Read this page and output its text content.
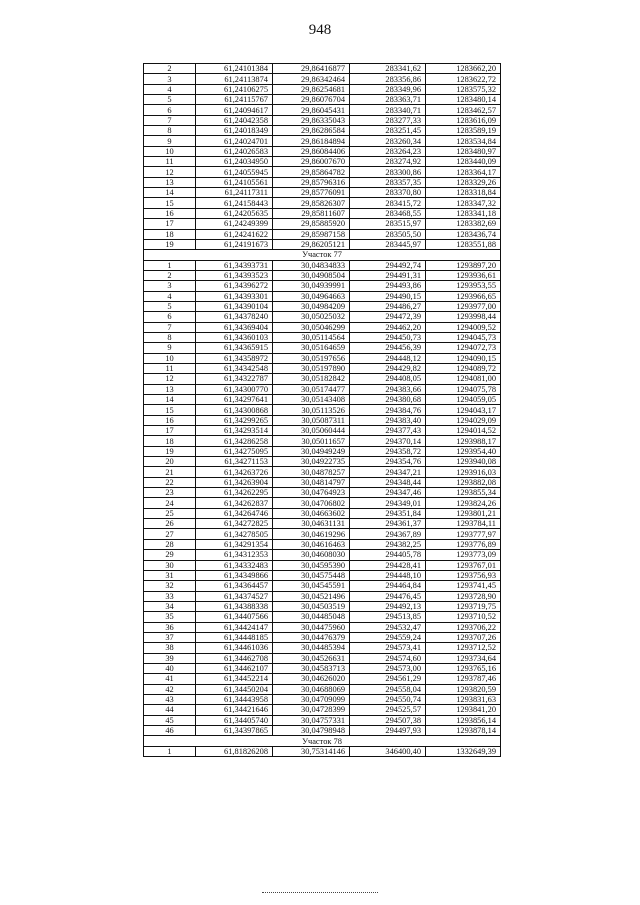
948
2	61,24101384	29,86416877	283341,62	1283662,20
3	61,24113874	29,86342464	283356,86	1283622,72
4	61,24106275	29,86254681	283349,96	1283575,32
5	61,24115767	29,86076704	283363,71	1283480,14
6	61,24094617	29,86045431	283340,71	1283462,57
7	61,24042358	29,86335043	283277,33	1283616,09
8	61,24018349	29,86286584	283251,45	1283589,19
9	61,24024701	29,86184894	283260,34	1283534,84
10	61,24026583	29,86084406	283264,23	1283480,97
11	61,24034950	29,86007670	283274,92	1283440,09
12	61,24055945	29,85864782	283300,86	1283364,17
13	61,24105561	29,85796316	283357,35	1283329,26
14	61,24117311	29,85776091	283370,80	1283318,84
15	61,24158443	29,85826307	283415,72	1283347,32
16	61,24205635	29,85811607	283468,55	1283341,18
17	61,24249399	29,85885920	283515,97	1283382,69
18	61,24241622	29,85987158	283505,50	1283436,74
19	61,24191673	29,86205121	283445,97	1283551,88
Участок 77				
1	61,34393731	30,04834833	294492,74	1293897,20
2	61,34393523	30,04908504	294491,31	1293936,61
3	61,34396272	30,04939991	294493,86	1293953,55
4	61,34393301	30,04964663	294490,15	1293966,65
5	61,34390104	30,04984209	294486,27	1293977,00
6	61,34378240	30,05025032	294472,39	1293998,44
7	61,34369404	30,05046299	294462,20	1294009,52
8	61,34360103	30,05114564	294450,73	1294045,73
9	61,34365915	30,05164659	294456,39	1294072,73
10	61,34358972	30,05197656	294448,12	1294090,15
11	61,34342548	30,05197890	294429,82	1294089,72
12	61,34322787	30,05182842	294408,05	1294081,00
13	61,34300770	30,05174477	294383,66	1294075,78
14	61,34297641	30,05143408	294380,68	1294059,05
15	61,34300868	30,05113526	294384,76	1294043,17
16	61,34299265	30,05087311	294383,40	1294029,09
17	61,34293514	30,05060444	294377,43	1294014,52
18	61,34286258	30,05011657	294370,14	1293988,17
19	61,34275095	30,04949249	294358,72	1293954,40
20	61,34271153	30,04922735	294354,76	1293940,08
21	61,34263726	30,04878257	294347,21	1293916,03
22	61,34263904	30,04814797	294348,44	1293882,08
23	61,34262295	30,04764923	294347,46	1293855,34
24	61,34262837	30,04706802	294349,01	1293824,26
25	61,34264746	30,04663602	294351,84	1293801,21
26	61,34272825	30,04631131	294361,37	1293784,11
27	61,34278505	30,04619296	294367,89	1293777,97
28	61,34291354	30,04616463	294382,25	1293776,89
29	61,34312353	30,04608030	294405,78	1293773,09
30	61,34332483	30,04595390	294428,41	1293767,01
31	61,34349866	30,04575448	294448,10	1293756,93
32	61,34364457	30,04545591	294464,84	1293741,45
33	61,34374527	30,04521496	294476,45	1293728,90
34	61,34388338	30,04503519	294492,13	1293719,75
35	61,34407566	30,04485048	294513,85	1293710,52
36	61,34424147	30,04475960	294532,47	1293706,22
37	61,34448185	30,04476379	294559,24	1293707,26
38	61,34461036	30,04485394	294573,41	1293712,52
39	61,34462708	30,04526631	294574,60	1293734,64
40	61,34462107	30,04583713	294573,00	1293765,16
41	61,34452214	30,04626020	294561,29	1293787,46
42	61,34450204	30,04688069	294558,04	1293820,59
43	61,34443958	30,04709099	294550,74	1293831,63
44	61,34421646	30,04728399	294525,57	1293841,20
45	61,34405740	30,04757331	294507,38	1293856,14
46	61,34397865	30,04798948	294497,93	1293878,14
Участок 78				
1	61,81826208	30,75314146	346400,40	1332649,39
